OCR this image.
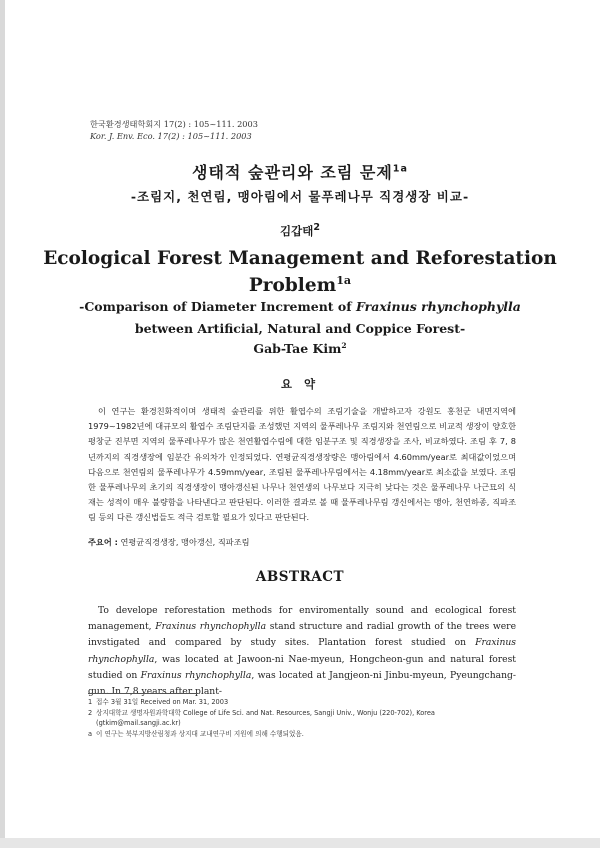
한국환경생태학회지 17(2) : 105~111. 2003
Kor. J. Env. Eco. 17(2) : 105~111. 2003
생태적 숲관리와 조림 문제$^{1a}$
-조림지, 천연림, 맹아림에서 물푸레나무 직경생장 비교-
김갑태$^2$
Ecological Forest Management and Reforestation
Problem$^{1a}$
-Comparison of Diameter Increment of Fraxinus rhynchophylla
between Artificial, Natural and Coppice Forest-
Gab-Tae Kim$^2$
요 약

이 연구는 환경친화적이며 생태적 숲관리를 위한 활엽수의 조림기술을 개발하고자 강원도 홍천군 내면지역에 1979~1982년에 대규모의 활엽수 조림단지를 조성했던 지역의 물푸레나무 조림지와 천연림으로 비교적 생장이 양호한 평창군 진부면 지역의 물푸레나무가 많은 천연활엽수림에 대한 임분구조 및 직경생장을 조사, 비교하였다. 조림 후 7, 8년까지의 직경생장에 임분간 유의차가 인정되었다. 연평균직경생장량은 맹아림에서 4.60mm/year로 최대값이었으며 다음으로 천연림의 물푸레나무가 4.59mm/year, 조림된 물푸레나무림에서는 4.18mm/year로 최소값을 보였다. 조림한 물푸레나무의 초기의 직경생장이 맹아갱신된 나무나 천연생의 나무보다 지극히 낮다는 것은 물푸레나무 나근묘의 식재는 성적이 매우 불량함을 나타낸다고 판단된다. 이러한 결과로 볼 때 물푸레나무림 갱신에서는 맹아, 천연하종, 직파조림 등의 다른 갱신법들도 적극 검토할 필요가 있다고 판단된다.

주요어 : 연평균직경생장, 맹아갱신, 직파조림
ABSTRACT

To develope reforestation methods for enviromentally sound and ecological forest management, Fraxinus rhynchophylla stand structure and radial growth of the trees were invstigated and compared by study sites. Plantation forest studied on Fraxinus rhynchophylla, was located at Jawoon-ni Nae-myeun, Hongcheon-gun and natural forest studied on Fraxinus rhynchophylla, was located at Jangjeon-ni Jinbu-myeun, Pyeungchang-gun. In 7,8 years after plant-

1 접수 3월 31일 Received on Mar. 31, 2003
2 상지대학교 생명자원과학대학 College of Life Sci. and Nat. Resources, Sangji Univ., Wonju (220-702), Korea
(gtkim@mail.sangji.ac.kr)
a 이 연구는 북부지방산림청과 상지대 교내연구비 지원에 의해 수행되었음.
